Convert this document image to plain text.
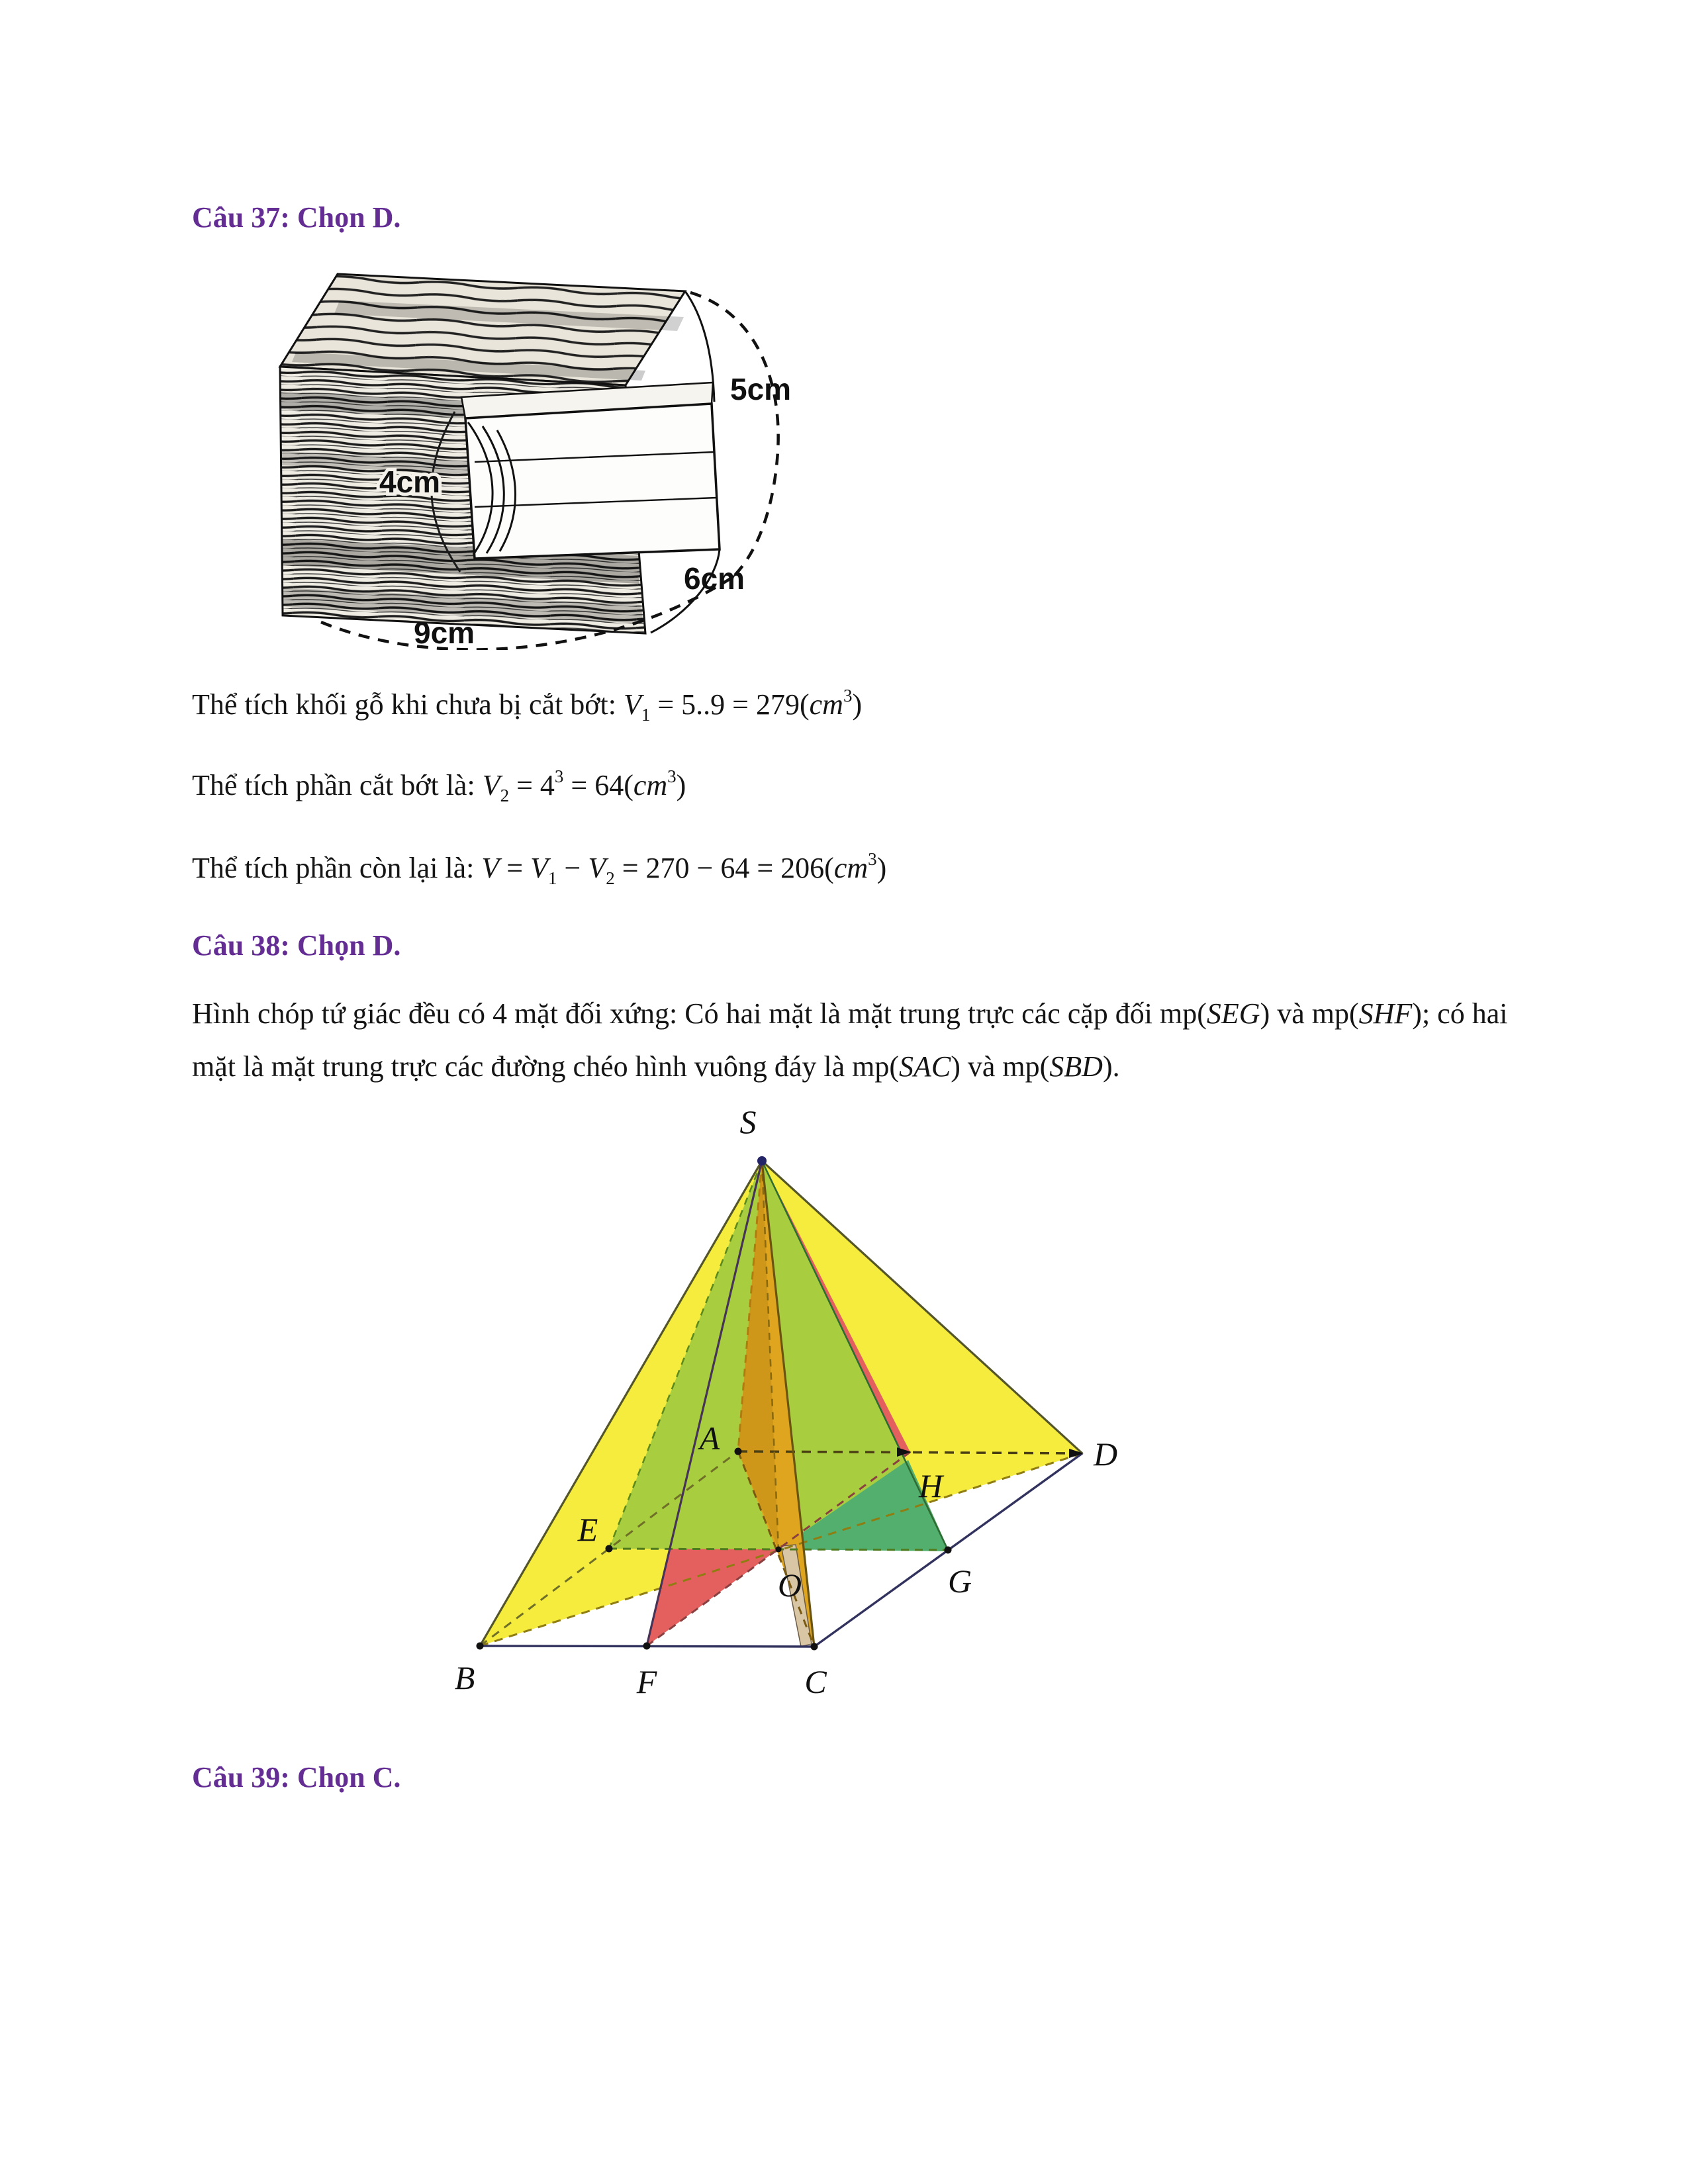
Câu 37: Chọn D.
5cm
4cm
6cm
9cm

Thể tích khối gỗ khi chưa bị cắt bớt: $V_1 = 5..9 = 279(cm^3)$

Thể tích phần cắt bớt là: $V_2 = 4^3 = 64(cm^3)$

Thể tích phần còn lại là: $V = V_1 - V_2 = 270 - 64 = 206(cm^3)$

Câu 38: Chọn D.

Hình chóp tứ giác đều có 4 mặt đối xứng: Có hai mặt là mặt trung trực các cặp đối mp(SEG) và mp(SHF); có hai mặt là mặt trung trực các đường chéo hình vuông đáy là mp(SAC) và mp(SBD).

S
A
B	F	C
O
E
G
H
D
Câu 39: Chọn C.
